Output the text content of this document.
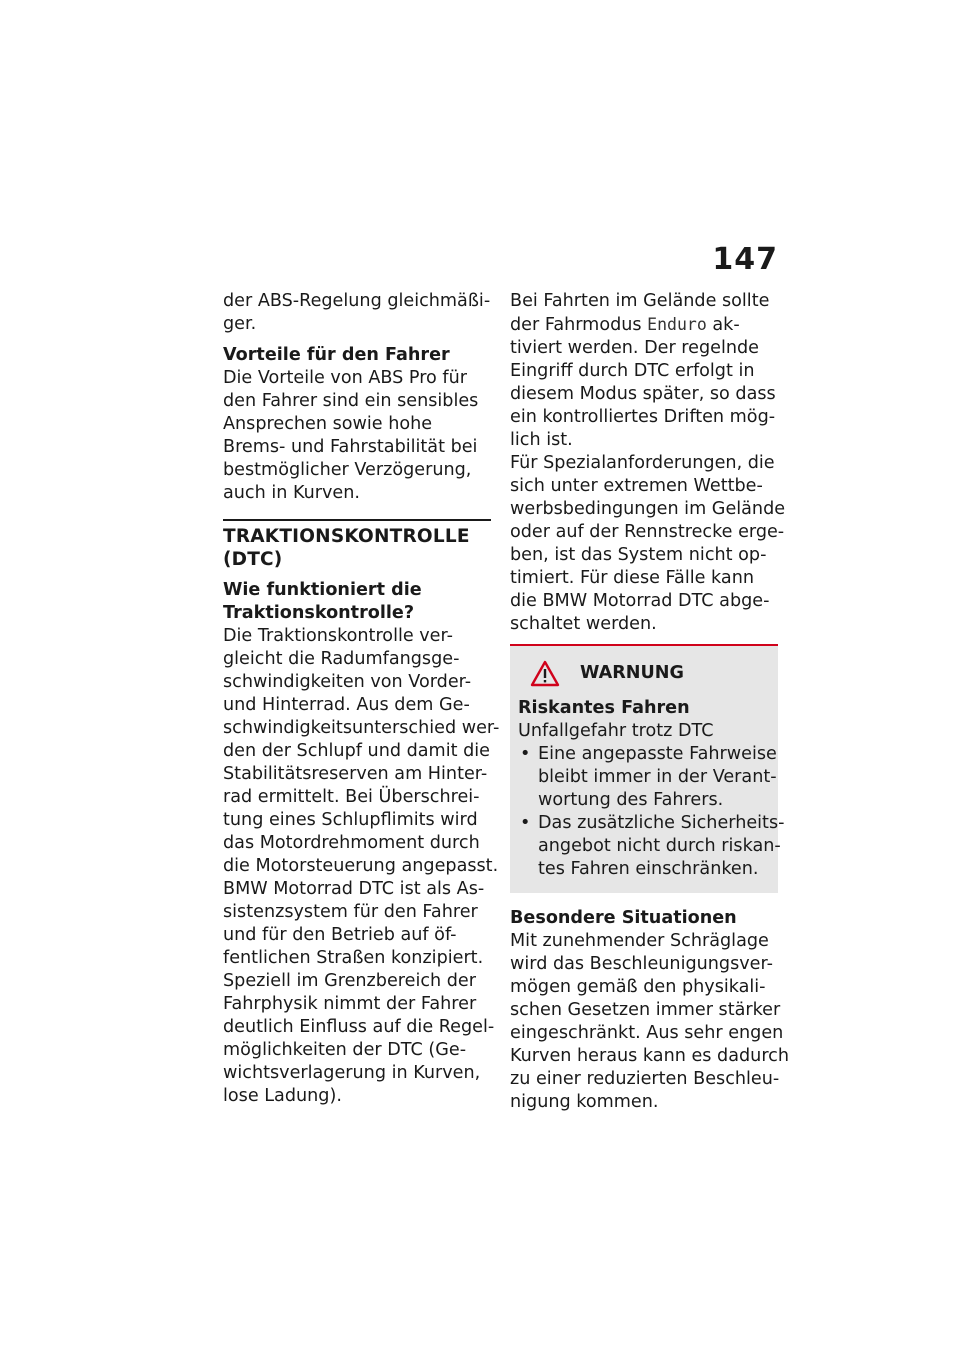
147

der ABS-Regelung gleichmäßi-
ger.

Vorteile für den Fahrer
Die Vorteile von ABS Pro für
den Fahrer sind ein sensibles
Ansprechen sowie hohe
Brems- und Fahrstabilität bei
bestmöglicher Verzögerung,
auch in Kurven.
TRAKTIONSKONTROLLE
(DTC)
Wie funktioniert die
Traktionskontrolle?
Die Traktionskontrolle ver-
gleicht die Radumfangsge-
schwindigkeiten von Vorder-
und Hinterrad. Aus dem Ge-
schwindigkeitsunterschied wer-
den der Schlupf und damit die
Stabilitätsreserven am Hinter-
rad ermittelt. Bei Überschrei-
tung eines Schlupflimits wird
das Motordrehmoment durch
die Motorsteuerung angepasst.
BMW Motorrad DTC ist als As-
sistenzsystem für den Fahrer
und für den Betrieb auf öf-
fentlichen Straßen konzipiert.
Speziell im Grenzbereich der
Fahrphysik nimmt der Fahrer
deutlich Einfluss auf die Regel-
möglichkeiten der DTC (Ge-
wichtsverlagerung in Kurven,
lose Ladung).
Bei Fahrten im Gelände sollte
der Fahrmodus Enduro ak-
tiviert werden. Der regelnde
Eingriff durch DTC erfolgt in
diesem Modus später, so dass
ein kontrolliertes Driften mög-
lich ist.
Für Spezialanforderungen, die
sich unter extremen Wettbe-
werbsbedingungen im Gelände
oder auf der Rennstrecke erge-
ben, ist das System nicht op-
timiert. Für diese Fälle kann
die BMW Motorrad DTC abge-
schaltet werden.
WARNUNG
Riskantes Fahren
Unfallgefahr trotz DTC
• Eine angepasste Fahrweise
bleibt immer in der Verant-
wortung des Fahrers.
• Das zusätzliche Sicherheits-
angebot nicht durch riskan-
tes Fahren einschränken.
Besondere Situationen
Mit zunehmender Schräglage
wird das Beschleunigungsver-
mögen gemäß den physikali-
schen Gesetzen immer stärker
eingeschränkt. Aus sehr engen
Kurven heraus kann es dadurch
zu einer reduzierten Beschleu-
nigung kommen.
